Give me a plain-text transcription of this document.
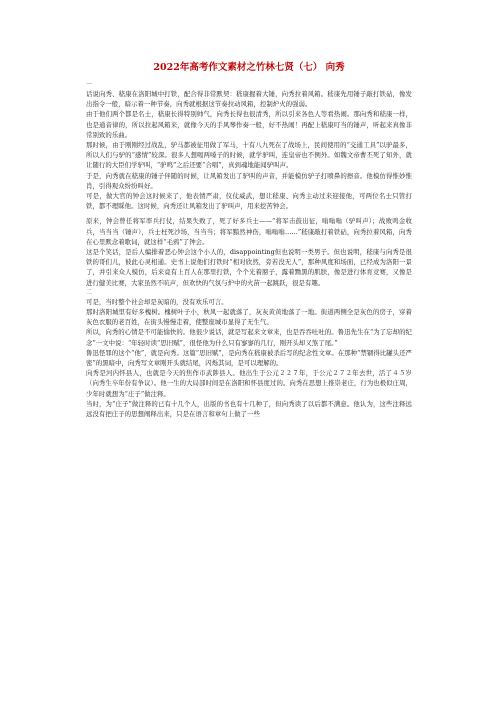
2022年高考作文素材之竹林七贤（七） 向秀

一

话说向秀、嵇康在洛阳城中打铁，配合得非常默契：嵇康握着大锤，向秀拉着风箱。嵇康先用锤子敲打铁砧，像发出指令一般，暗示着一种节奏，向秀就根据这节奏拉动风箱，控制炉火的强弱。

由于他们两个都是名士，嵇康长得特别帅气，向秀长得也很清秀，所以引来各色人等看热闹。那向秀和嵇康一样，也是通音律的，所以拉起风箱来，就像今天的手风琴作奏一般，好不热闹！再配上嵇康叮当的锤声，听起来真像非常别致的乐曲。

那时候，由于刚刚经过战乱，驴马都被征用做了军马，十有八九死在了战场上，民间使用的“交通工具”以驴最多，所以人们与驴的“感情”较深。很多人想喝两嗓子的时候，就学驴叫，连皇帝也不例外。如魏文帝曹丕死了知外，就让随行的大臣们学驴叫，“驴鸣”之后还要“合唱”，真到魂地能闻驴叫声。

于是，向秀就在嵇康的锤子伴随的时候，让风箱发出了驴叫的声音，并能模仿驴子打喷鼻的擦音。他模仿得惟妙惟肖，引得观众纷纷叫好。

可是，做大官的钟会这时候来了，他表情严肃，仪仗威武，想让嵇康、向秀主动过来迎接他，可两位名士只管打铁，都不理睬他。这时候，向秀还让风箱发出了驴叫声，用来挖苦钟会。

原来，钟会曾任将军率兵打仗，结果失败了，死了好多兵士——“将军击鼓出征，嗡嗡嗡（驴叫声）；战败鸣金收兵，当当当（锤声），兵士枉死沙场，当当当；将军黯然神伤，嗡嗡嗡……”嵇康敲打着铁砧，向秀拉着风箱，向秀在心里默念着歌词，就这样“毛鸦”了钟会。

这是个笑话，是后人编排着恶心钟会这个小人的，disappointing但也说明一类男子。但也说明，嵇康与向秀是很铁的哥们儿，彼此心灵相通。史书上说他们打铁时“相对欣然，旁若没无人”，那种风度和场面，已经成为洛阳一景了，并引来众人模仿，后来竟有上百人在那里打铁，个个光着膀子，露着黝黑的肌肤，像是进行体育竞赛，又像是进行健美比赛，大家虽然不吭声，但欢快的气氛与炉中的火苗一起跳跃，很是有趣。

二

可是，当时整个社会却是灰暗的，没有欢乐可言。

那时洛阳城里有好多槐树。槐树叶子小，秋风一起就落了，灰灰黄黄地落了一地。街道两侧全是灰色的房子，穿着灰色衣服的老百姓，在街头慢慢走着，使整座城市显得了无生气。

所以，向秀的心情是不可能愉快的。他很少说话，就是写起来文章来，也是吞吞吐吐的。鲁迅先生在“为了忘却的纪念”一文中说：“年轻时读“思旧赋”，很怪他为什么只有寥寥的几行，刚开头却又煞了尾。”

鲁迅怪罪的这个“他”，就是向秀。这篇“思旧赋”，是向秀在嵇康被杀后写的纪念性文章。在那种“禁锢得比罐头还严密”的黑暗中，向秀写文章刚开头就结尾，闪烁其词，是可以理解的。

向秀是河内怀县人，也就是今天的焦作市武陟县人。他出生于公元２２７年，于公元２７２年去世，活了４５岁（向秀生卒年份有争议）。他一生的大局部时间是在洛阳和怀县度过的。向秀在思想上推崇老庄，行为也极似庄周，少年时就想为“庄子”做注释。

当时，为“庄子”做注释的已有十几个人，出版的书也有十几种了，但向秀读了以后都不满意。他认为，这些注释远远没有把庄子的思想阐释出来，只是在语言和章句上做了一些
